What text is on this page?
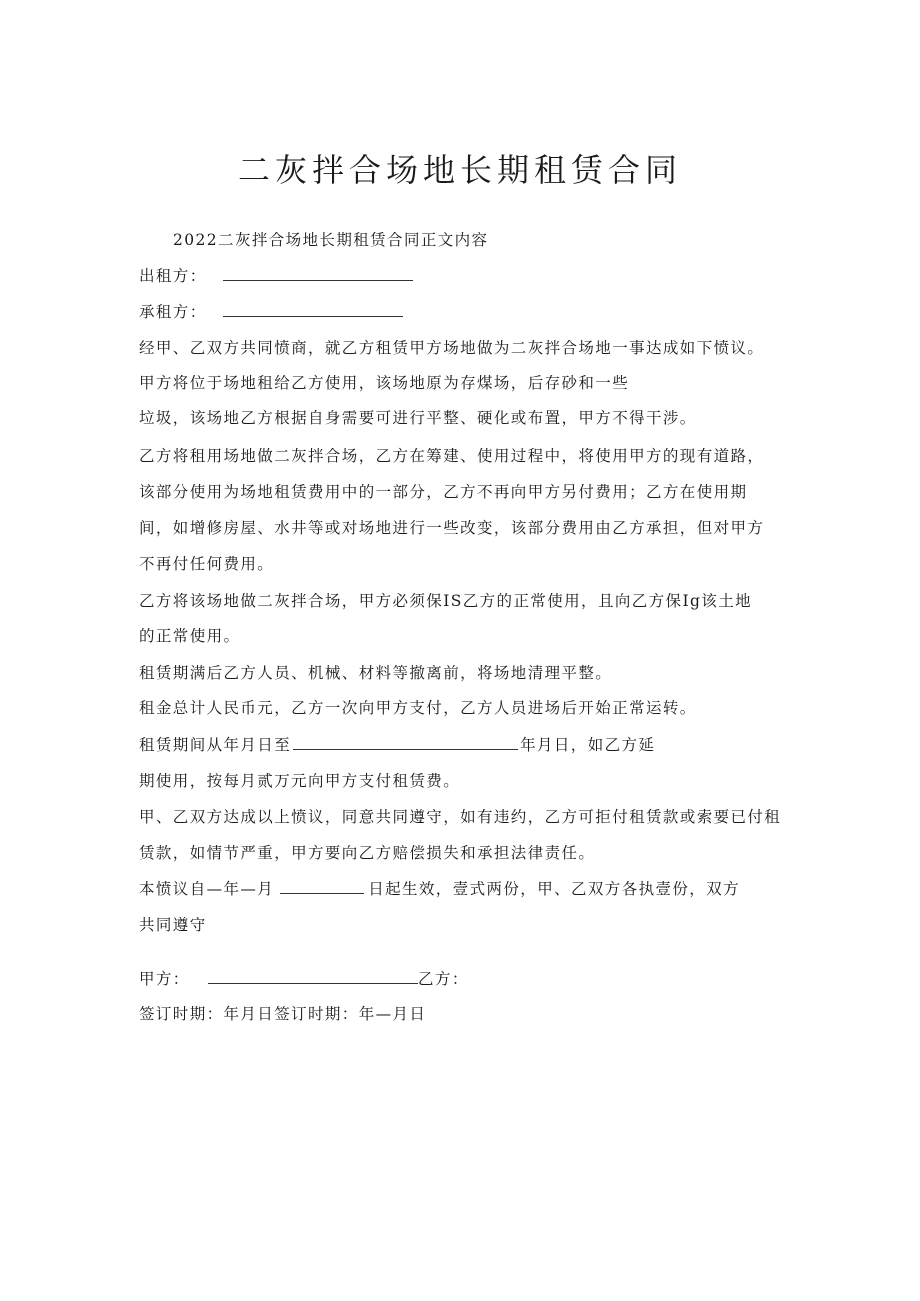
二灰拌合场地长期租赁合同
2022二灰拌合场地长期租赁合同正文内容
出租方：
承租方：
经甲、乙双方共同愤商，就乙方租赁甲方场地做为二灰拌合场地一事达成如下愤议。
甲方将位于场地租给乙方使用，该场地原为存煤场，后存砂和一些
垃圾，该场地乙方根据自身需要可进行平整、硬化或布置，甲方不得干涉。
乙方将租用场地做二灰拌合场，乙方在筹建、使用过程中，将使用甲方的现有道路，
该部分使用为场地租赁费用中的一部分，乙方不再向甲方另付费用；乙方在使用期
间，如增修房屋、水井等或对场地进行一些改变，该部分费用由乙方承担，但对甲方
不再付任何费用。
乙方将该场地做二灰拌合场，甲方必须保IS乙方的正常使用，且向乙方保Ig该土地
的正常使用。
租赁期满后乙方人员、机械、材料等撤离前，将场地清理平整。
租金总计人民币元，乙方一次向甲方支付，乙方人员进场后开始正常运转。
租赁期间从年月日至	年月日，如乙方延
期使用，按每月贰万元向甲方支付租赁费。
甲、乙双方达成以上愤议，同意共同遵守，如有违约，乙方可拒付租赁款或索要已付租
赁款，如情节严重，甲方要向乙方赔偿损失和承担法律责任。
本愤议自—年—月	日起生效，壹式两份，甲、乙双方各执壹份，双方
共同遵守
甲方：	乙方：
签订时期：年月日签订时期：年—月日
